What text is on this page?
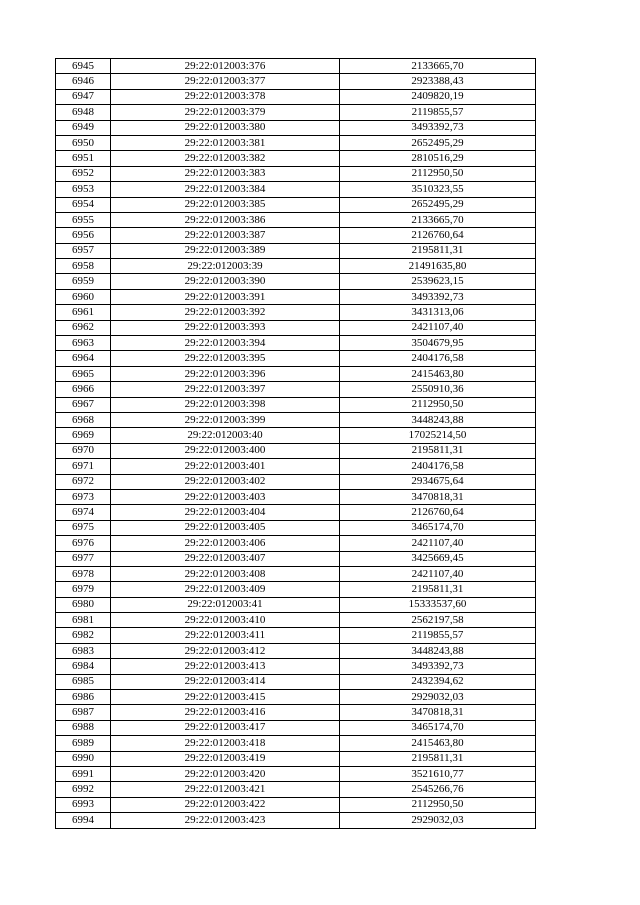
6945	29:22:012003:376	2133665,70
6946	29:22:012003:377	2923388,43
6947	29:22:012003:378	2409820,19
6948	29:22:012003:379	2119855,57
6949	29:22:012003:380	3493392,73
6950	29:22:012003:381	2652495,29
6951	29:22:012003:382	2810516,29
6952	29:22:012003:383	2112950,50
6953	29:22:012003:384	3510323,55
6954	29:22:012003:385	2652495,29
6955	29:22:012003:386	2133665,70
6956	29:22:012003:387	2126760,64
6957	29:22:012003:389	2195811,31
6958	29:22:012003:39	21491635,80
6959	29:22:012003:390	2539623,15
6960	29:22:012003:391	3493392,73
6961	29:22:012003:392	3431313,06
6962	29:22:012003:393	2421107,40
6963	29:22:012003:394	3504679,95
6964	29:22:012003:395	2404176,58
6965	29:22:012003:396	2415463,80
6966	29:22:012003:397	2550910,36
6967	29:22:012003:398	2112950,50
6968	29:22:012003:399	3448243,88
6969	29:22:012003:40	17025214,50
6970	29:22:012003:400	2195811,31
6971	29:22:012003:401	2404176,58
6972	29:22:012003:402	2934675,64
6973	29:22:012003:403	3470818,31
6974	29:22:012003:404	2126760,64
6975	29:22:012003:405	3465174,70
6976	29:22:012003:406	2421107,40
6977	29:22:012003:407	3425669,45
6978	29:22:012003:408	2421107,40
6979	29:22:012003:409	2195811,31
6980	29:22:012003:41	15333537,60
6981	29:22:012003:410	2562197,58
6982	29:22:012003:411	2119855,57
6983	29:22:012003:412	3448243,88
6984	29:22:012003:413	3493392,73
6985	29:22:012003:414	2432394,62
6986	29:22:012003:415	2929032,03
6987	29:22:012003:416	3470818,31
6988	29:22:012003:417	3465174,70
6989	29:22:012003:418	2415463,80
6990	29:22:012003:419	2195811,31
6991	29:22:012003:420	3521610,77
6992	29:22:012003:421	2545266,76
6993	29:22:012003:422	2112950,50
6994	29:22:012003:423	2929032,03
